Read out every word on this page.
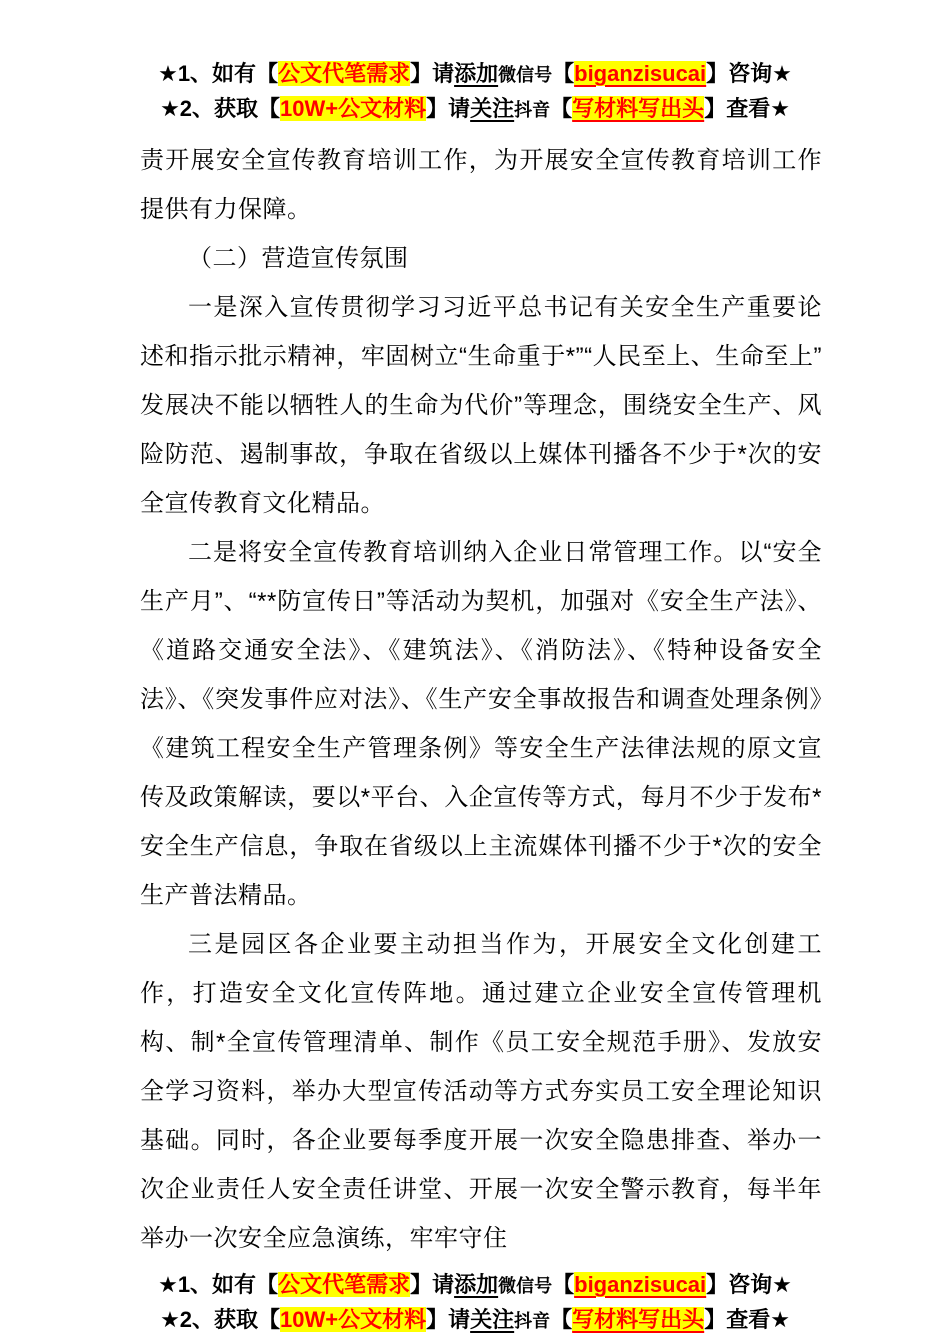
★1、如有【公文代笔需求】请添加微信号【biganzisucai】咨询★
★2、获取【10W+公文材料】请关注抖音【写材料写出头】查看★

责开展安全宣传教育培训工作，为开展安全宣传教育培训工作提供有力保障。

（二）营造宣传氛围

一是深入宣传贯彻学习习近平总书记有关安全生产重要论述和指示批示精神，牢固树立“生命重于*”“人民至上、生命至上”发展决不能以牺牲人的生命为代价”等理念，围绕安全生产、风险防范、遏制事故，争取在省级以上媒体刊播各不少于*次的安全宣传教育文化精品。

二是将安全宣传教育培训纳入企业日常管理工作。以“安全生产月”、“**防宣传日”等活动为契机，加强对《安全生产法》、《道路交通安全法》、《建筑法》、《消防法》、《特种设备安全法》、《突发事件应对法》、《生产安全事故报告和调查处理条例》《建筑工程安全生产管理条例》等安全生产法律法规的原文宣传及政策解读，要以*平台、入企宣传等方式，每月不少于发布*安全生产信息，争取在省级以上主流媒体刊播不少于*次的安全生产普法精品。

三是园区各企业要主动担当作为，开展安全文化创建工作，打造安全文化宣传阵地。通过建立企业安全宣传管理机构、制*全宣传管理清单、制作《员工安全规范手册》、发放安全学习资料，举办大型宣传活动等方式夯实员工安全理论知识基础。同时，各企业要每季度开展一次安全隐患排查、举办一次企业责任人安全责任讲堂、开展一次安全警示教育，每半年举办一次安全应急演练，牢牢守住

★1、如有【公文代笔需求】请添加微信号【biganzisucai】咨询★
★2、获取【10W+公文材料】请关注抖音【写材料写出头】查看★
